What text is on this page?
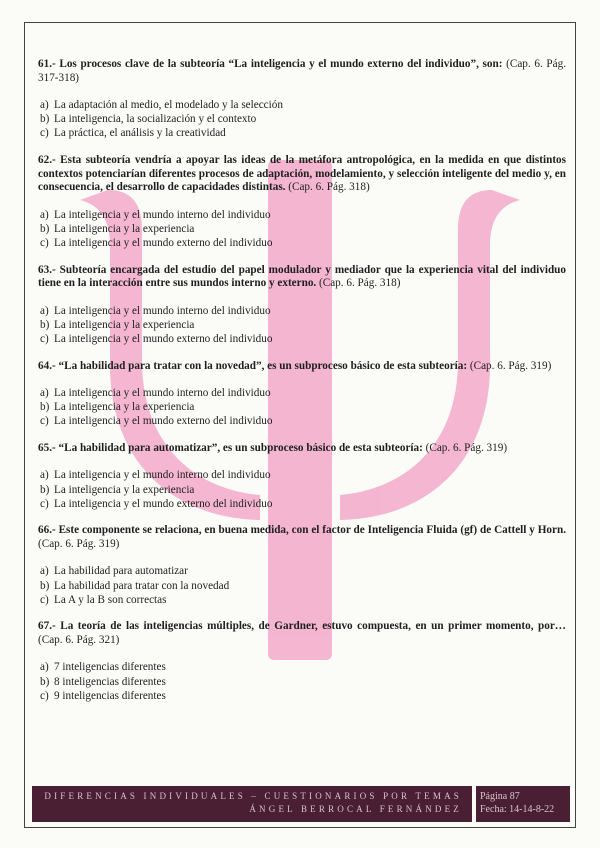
61.- Los procesos clave de la subteoría “La inteligencia y el mundo externo del individuo”, son: (Cap. 6. Pág. 317-318)
a) La adaptación al medio, el modelado y la selección
b) La inteligencia, la socialización y el contexto
c) La práctica, el análisis y la creatividad
62.- Esta subteoría vendría a apoyar las ideas de la metáfora antropológica, en la medida en que distintos contextos potenciarían diferentes procesos de adaptación, modelamiento, y selección inteligente del medio y, en consecuencia, el desarrollo de capacidades distintas. (Cap. 6. Pág. 318)
a) La inteligencia y el mundo interno del individuo
b) La inteligencia y la experiencia
c) La inteligencia y el mundo externo del individuo
63.- Subteoría encargada del estudio del papel modulador y mediador que la experiencia vital del individuo tiene en la interacción entre sus mundos interno y externo. (Cap. 6. Pág. 318)
a) La inteligencia y el mundo interno del individuo
b) La inteligencia y la experiencia
c) La inteligencia y el mundo externo del individuo
64.- “La habilidad para tratar con la novedad”, es un subproceso básico de esta subteoría: (Cap. 6. Pág. 319)
a) La inteligencia y el mundo interno del individuo
b) La inteligencia y la experiencia
c) La inteligencia y el mundo externo del individuo
65.- “La habilidad para automatizar”, es un subproceso básico de esta subteoría: (Cap. 6. Pág. 319)
a) La inteligencia y el mundo interno del individuo
b) La inteligencia y la experiencia
c) La inteligencia y el mundo externo del individuo
66.- Este componente se relaciona, en buena medida, con el factor de Inteligencia Fluida (gf) de Cattell y Horn. (Cap. 6. Pág. 319)
a) La habilidad para automatizar
b) La habilidad para tratar con la novedad
c) La A y la B son correctas
67.- La teoría de las inteligencias múltiples, de Gardner, estuvo compuesta, en un primer momento, por… (Cap. 6. Pág. 321)
a) 7 inteligencias diferentes
b) 8 inteligencias diferentes
c) 9 inteligencias diferentes
DIFERENCIAS INDIVIDUALES – CUESTIONARIOS POR TEMAS
ÁNGEL BERROCAL FERNÁNDEZ
Página 87
Fecha: 14-14-8-22
